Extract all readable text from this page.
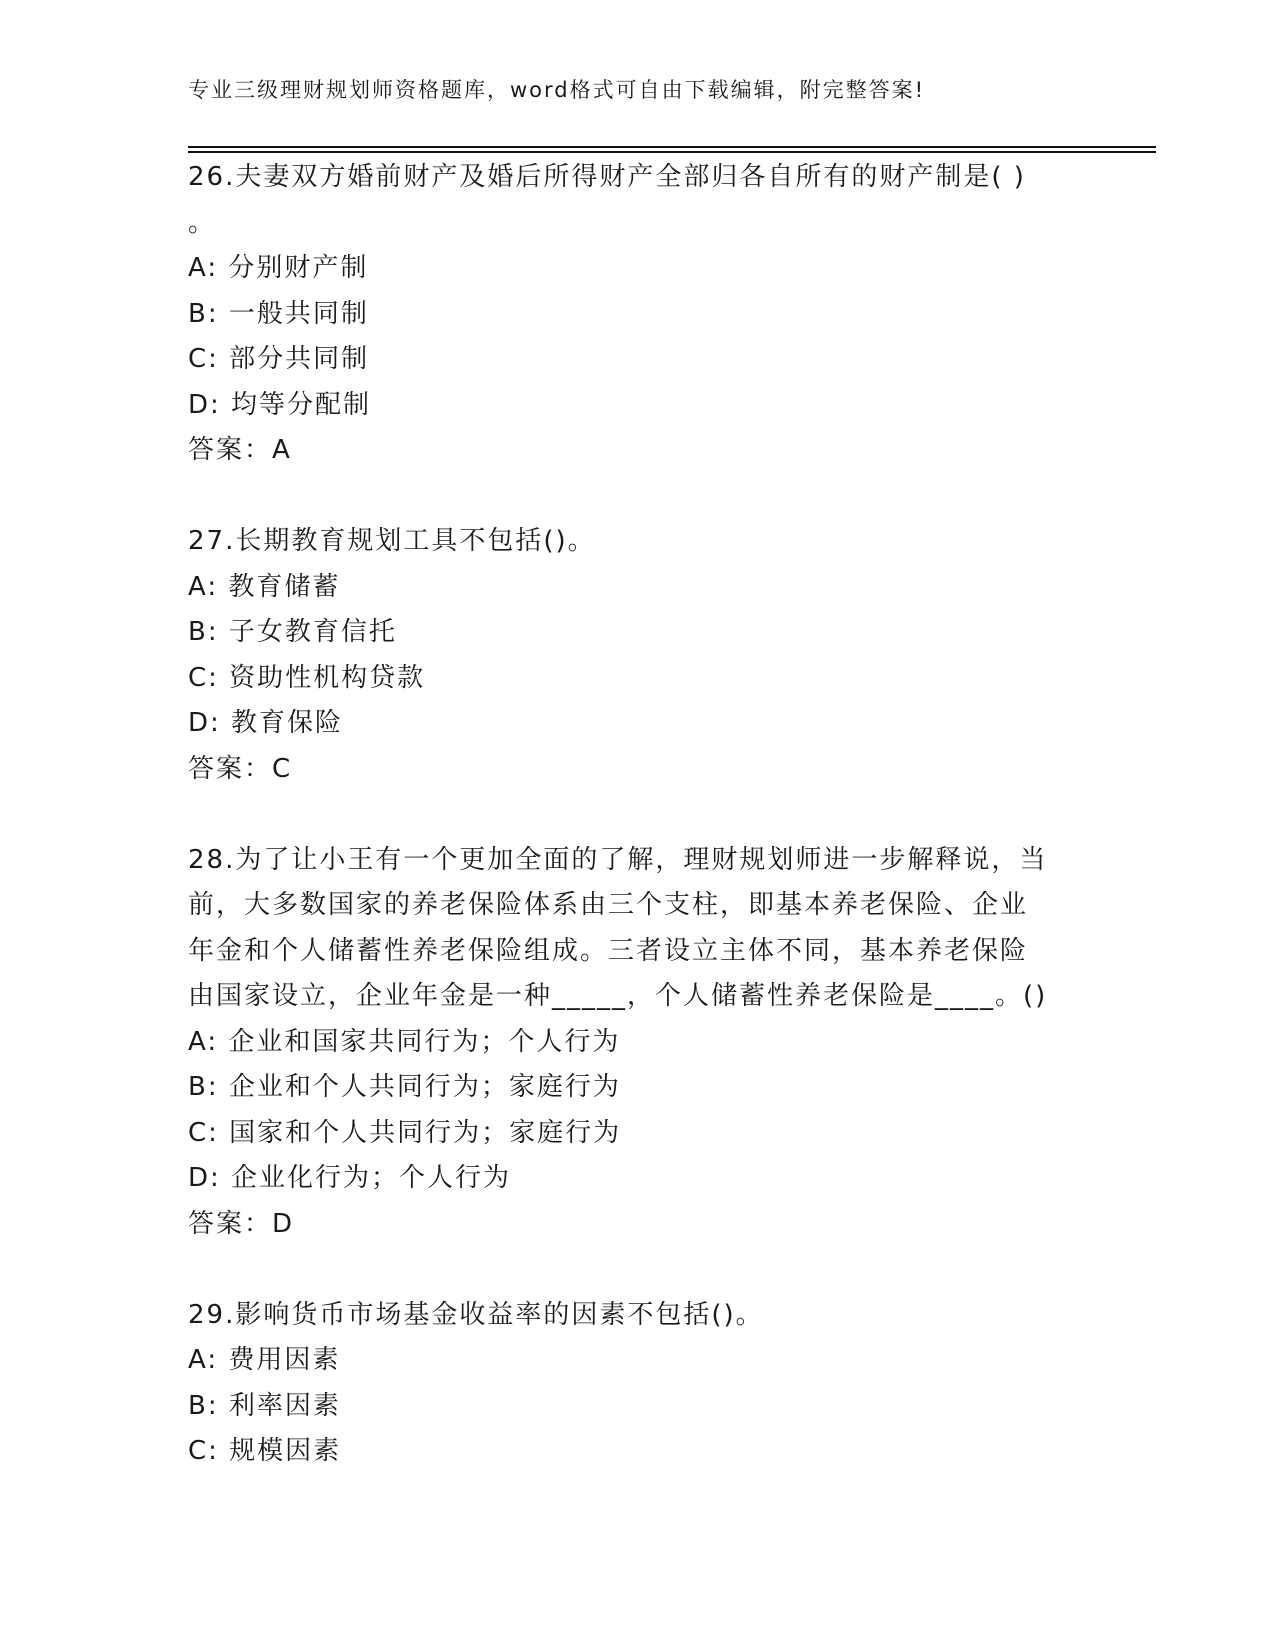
专业三级理财规划师资格题库，word格式可自由下载编辑，附完整答案!
26.夫妻双方婚前财产及婚后所得财产全部归各自所有的财产制是( )
。
A: 分别财产制
B: 一般共同制
C: 部分共同制
D: 均等分配制
答案：A
27.长期教育规划工具不包括()。
A: 教育储蓄
B: 子女教育信托
C: 资助性机构贷款
D: 教育保险
答案：C
28.为了让小王有一个更加全面的了解，理财规划师进一步解释说，当
前，大多数国家的养老保险体系由三个支柱，即基本养老保险、企业
年金和个人储蓄性养老保险组成。三者设立主体不同，基本养老保险
由国家设立，企业年金是一种_____，个人储蓄性养老保险是____。()
A: 企业和国家共同行为；个人行为
B: 企业和个人共同行为；家庭行为
C: 国家和个人共同行为；家庭行为
D: 企业化行为；个人行为
答案：D
29.影响货币市场基金收益率的因素不包括()。
A: 费用因素
B: 利率因素
C: 规模因素
